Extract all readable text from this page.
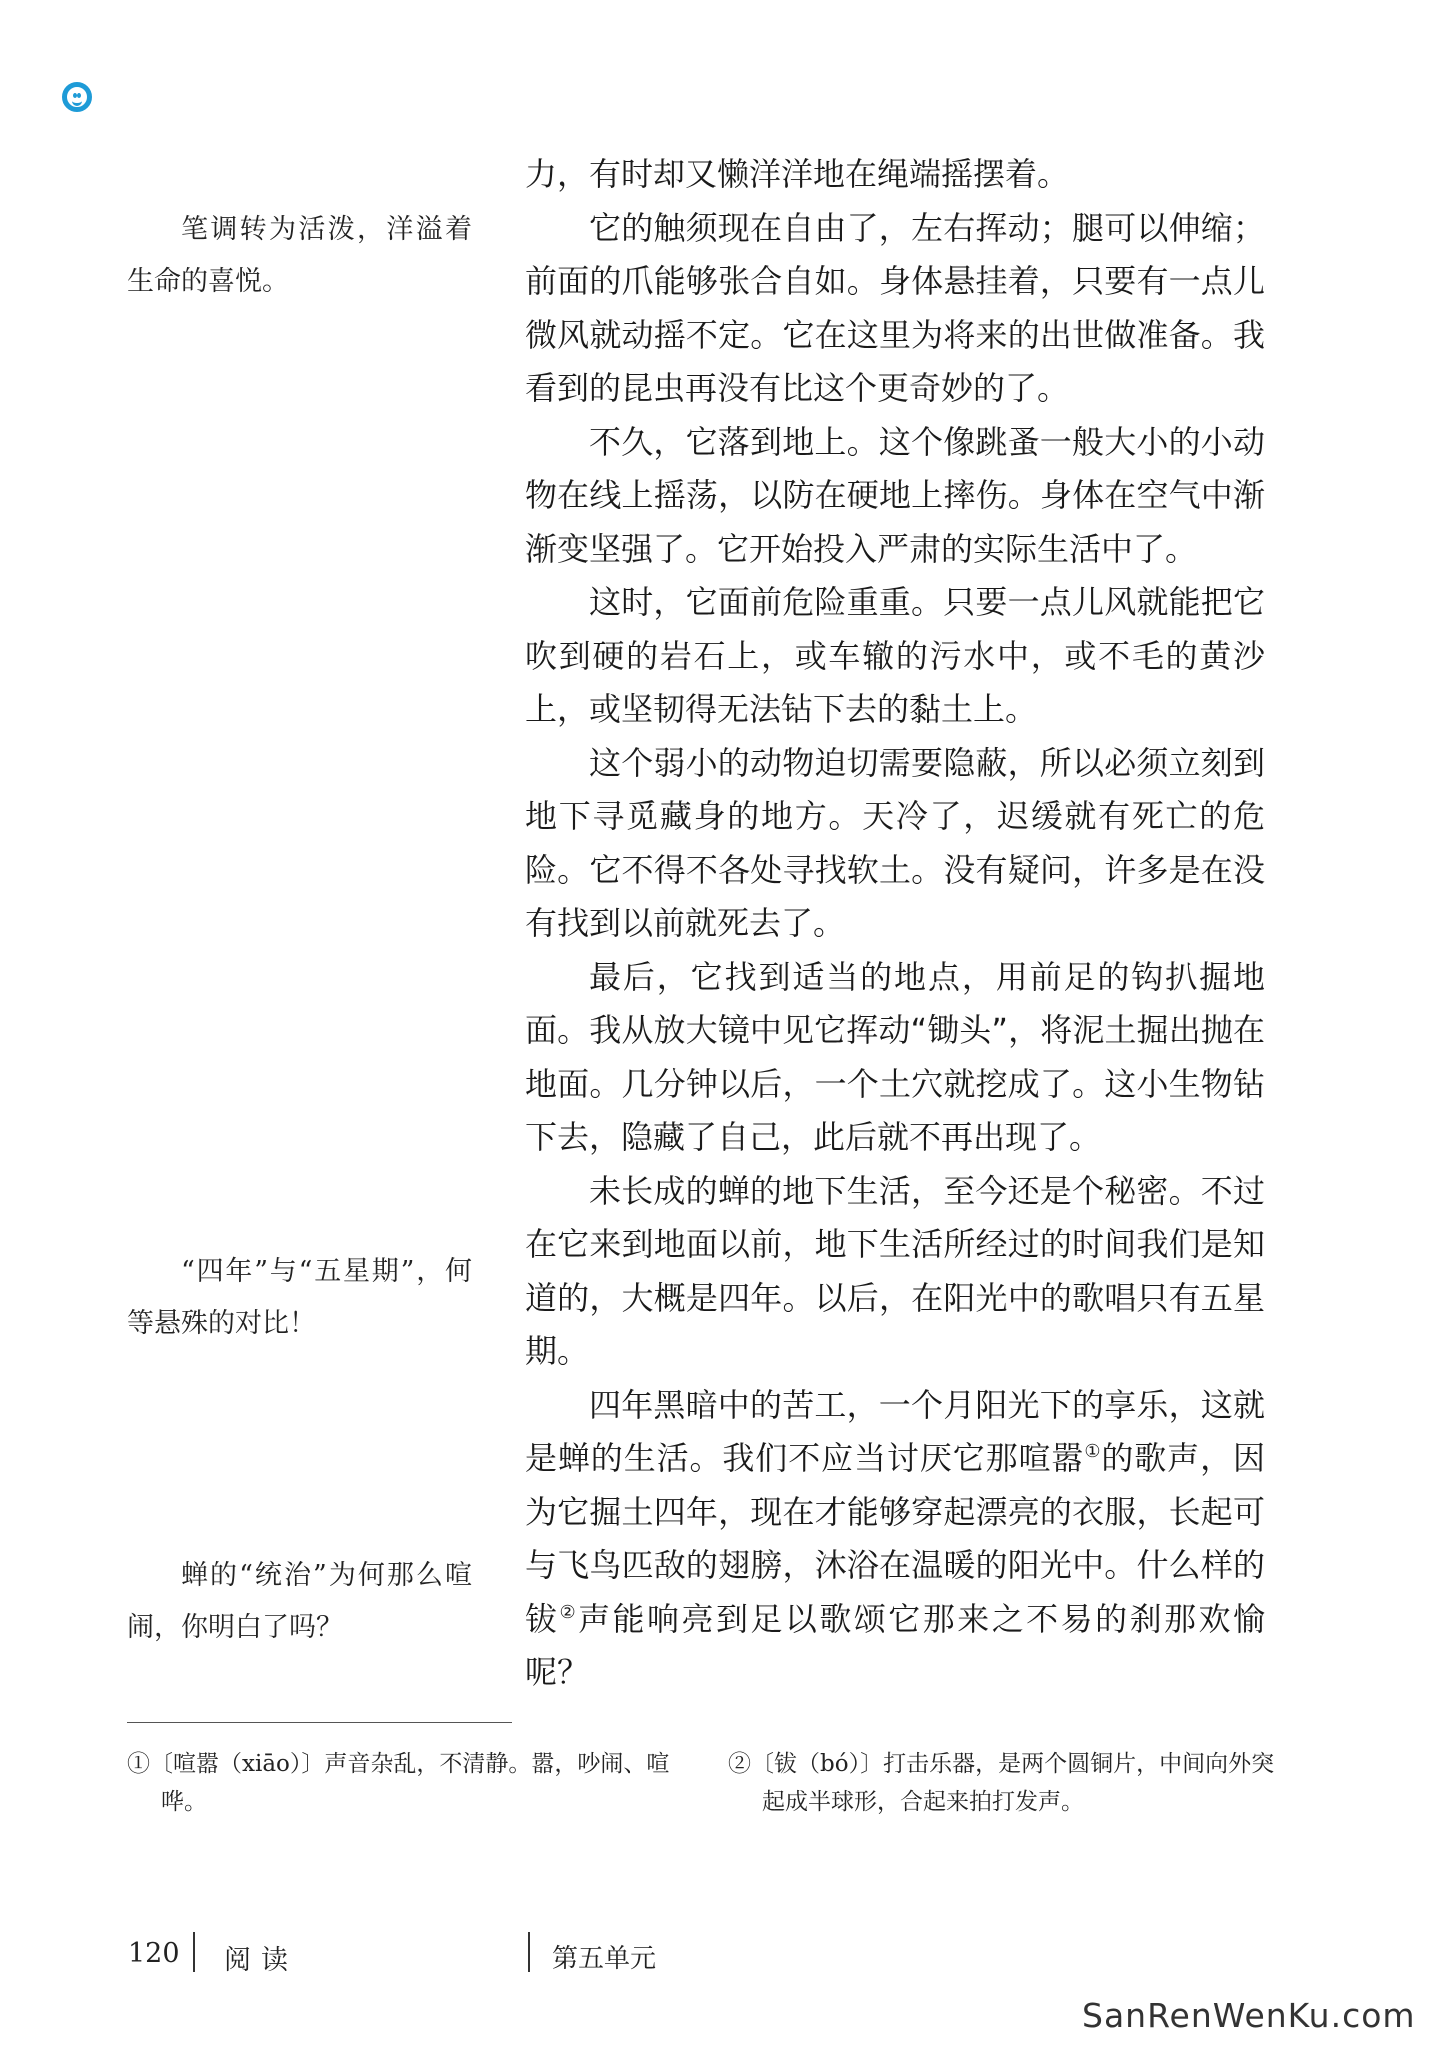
笔调转为活泼，洋溢着生命的喜悦。
“四年”与“五星期”，何等悬殊的对比！
蝉的“统治”为何那么喧闹，你明白了吗？

力，有时却又懒洋洋地在绳端摇摆着。

它的触须现在自由了，左右挥动；腿可以伸缩；前面的爪能够张合自如。身体悬挂着，只要有一点儿微风就动摇不定。它在这里为将来的出世做准备。我看到的昆虫再没有比这个更奇妙的了。

不久，它落到地上。这个像跳蚤一般大小的小动物在线上摇荡，以防在硬地上摔伤。身体在空气中渐渐变坚强了。它开始投入严肃的实际生活中了。

这时，它面前危险重重。只要一点儿风就能把它吹到硬的岩石上，或车辙的污水中，或不毛的黄沙上，或坚韧得无法钻下去的黏土上。

这个弱小的动物迫切需要隐蔽，所以必须立刻到地下寻觅藏身的地方。天冷了，迟缓就有死亡的危险。它不得不各处寻找软土。没有疑问，许多是在没有找到以前就死去了。

最后，它找到适当的地点，用前足的钩扒掘地面。我从放大镜中见它挥动“锄头”，将泥土掘出抛在地面。几分钟以后，一个土穴就挖成了。这小生物钻下去，隐藏了自己，此后就不再出现了。

未长成的蝉的地下生活，至今还是个秘密。不过在它来到地面以前，地下生活所经过的时间我们是知道的，大概是四年。以后，在阳光中的歌唱只有五星期。

四年黑暗中的苦工，一个月阳光下的享乐，这就是蝉的生活。我们不应当讨厌它那喧嚣①的歌声，因为它掘土四年，现在才能够穿起漂亮的衣服，长起可与飞鸟匹敌的翅膀，沐浴在温暖的阳光中。什么样的钹②声能响亮到足以歌颂它那来之不易的刹那欢愉呢？

①〔喧嚣（xiāo）〕声音杂乱，不清静。嚣，吵闹、喧哗。
②〔钹（bó）〕打击乐器，是两个圆铜片，中间向外突起成半球形，合起来拍打发声。
120 阅读	第五单元
SanRenWenKu.com
